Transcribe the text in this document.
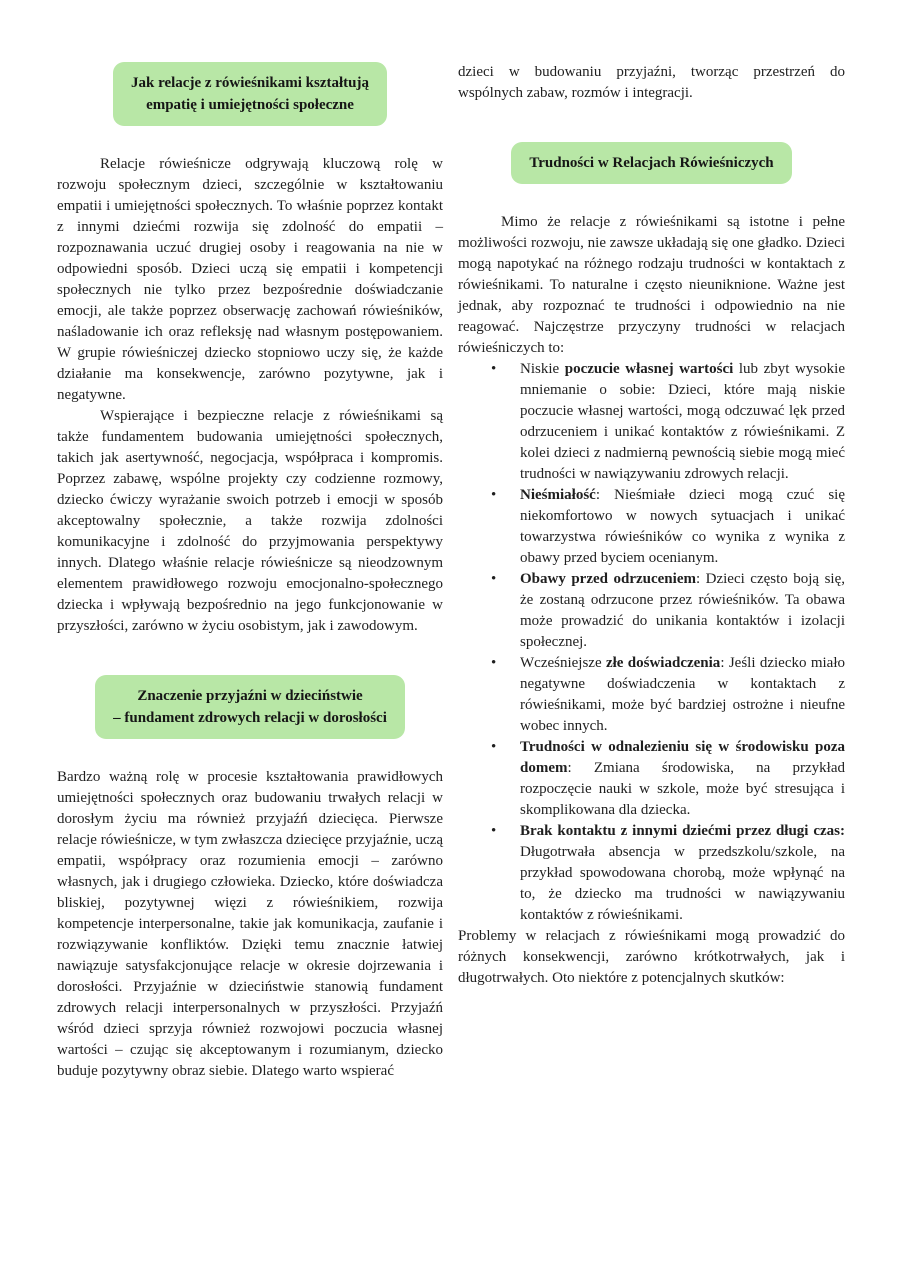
Jak relacje z rówieśnikami kształtują
empatię i umiejętności społeczne

Relacje rówieśnicze odgrywają kluczową rolę w rozwoju społecznym dzieci, szczególnie w kształtowaniu empatii i umiejętności społecznych. To właśnie poprzez kontakt z innymi dziećmi rozwija się zdolność do empatii – rozpoznawania uczuć drugiej osoby i reagowania na nie w odpowiedni sposób. Dzieci uczą się empatii i kompetencji społecznych nie tylko przez bezpośrednie doświadczanie emocji, ale także poprzez obserwację zachowań rówieśników, naśladowanie ich oraz refleksję nad własnym postępowaniem. W grupie rówieśniczej dziecko stopniowo uczy się, że każde działanie ma konsekwencje, zarówno pozytywne, jak i negatywne.

Wspierające i bezpieczne relacje z rówieśnikami są także fundamentem budowania umiejętności społecznych, takich jak asertywność, negocjacja, współpraca i kompromis. Poprzez zabawę, wspólne projekty czy codzienne rozmowy, dziecko ćwiczy wyrażanie swoich potrzeb i emocji w sposób akceptowalny społecznie, a także rozwija zdolności komunikacyjne i zdolność do przyjmowania perspektywy innych. Dlatego właśnie relacje rówieśnicze są nieodzownym elementem prawidłowego rozwoju emocjonalno-społecznego dziecka i wpływają bezpośrednio na jego funkcjonowanie w przyszłości, zarówno w życiu osobistym, jak i zawodowym.

Znaczenie przyjaźni w dzieciństwie
– fundament zdrowych relacji w dorosłości

Bardzo ważną rolę w procesie kształtowania prawidłowych umiejętności społecznych oraz budowaniu trwałych relacji w dorosłym życiu ma również przyjaźń dziecięca. Pierwsze relacje rówieśnicze, w tym zwłaszcza dziecięce przyjaźnie, uczą empatii, współpracy oraz rozumienia emocji – zarówno własnych, jak i drugiego człowieka. Dziecko, które doświadcza bliskiej, pozytywnej więzi z rówieśnikiem, rozwija kompetencje interpersonalne, takie jak komunikacja, zaufanie i rozwiązywanie konfliktów. Dzięki temu znacznie łatwiej nawiązuje satysfakcjonujące relacje w okresie dojrzewania i dorosłości. Przyjaźnie w dzieciństwie stanowią fundament zdrowych relacji interpersonalnych w przyszłości. Przyjaźń wśród dzieci sprzyja również rozwojowi poczucia własnej wartości – czując się akceptowanym i rozumianym, dziecko buduje pozytywny obraz siebie. Dlatego warto wspierać

dzieci w budowaniu przyjaźni, tworząc przestrzeń do wspólnych zabaw, rozmów i integracji.

Trudności w Relacjach Rówieśniczych

Mimo że relacje z rówieśnikami są istotne i pełne możliwości rozwoju, nie zawsze układają się one gładko. Dzieci mogą napotykać na różnego rodzaju trudności w kontaktach z rówieśnikami. To naturalne i często nieuniknione. Ważne jest jednak, aby rozpoznać te trudności i odpowiednio na nie reagować. Najczęstrze przyczyny trudności w relacjach rówieśniczych to:

• Niskie poczucie własnej wartości lub zbyt wysokie mniemanie o sobie: Dzieci, które mają niskie poczucie własnej wartości, mogą odczuwać lęk przed odrzuceniem i unikać kontaktów z rówieśnikami. Z kolei dzieci z nadmierną pewnością siebie mogą mieć trudności w nawiązywaniu zdrowych relacji.
• Nieśmiałość: Nieśmiałe dzieci mogą czuć się niekomfortowo w nowych sytuacjach i unikać towarzystwa rówieśników co wynika z wynika z obawy przed byciem ocenianym.
• Obawy przed odrzuceniem: Dzieci często boją się, że zostaną odrzucone przez rówieśników. Ta obawa może prowadzić do unikania kontaktów i izolacji społecznej.
• Wcześniejsze złe doświadczenia: Jeśli dziecko miało negatywne doświadczenia w kontaktach z rówieśnikami, może być bardziej ostrożne i nieufne wobec innych.
• Trudności w odnalezieniu się w środowisku poza domem: Zmiana środowiska, na przykład rozpoczęcie nauki w szkole, może być stresująca i skomplikowana dla dziecka.
• Brak kontaktu z innymi dziećmi przez długi czas: Długotrwała absencja w przedszkolu/szkole, na przykład spowodowana chorobą, może wpłynąć na to, że dziecko ma trudności w nawiązywaniu kontaktów z rówieśnikami.

Problemy w relacjach z rówieśnikami mogą prowadzić do różnych konsekwencji, zarówno krótkotrwałych, jak i długotrwałych. Oto niektóre z potencjalnych skutków:
